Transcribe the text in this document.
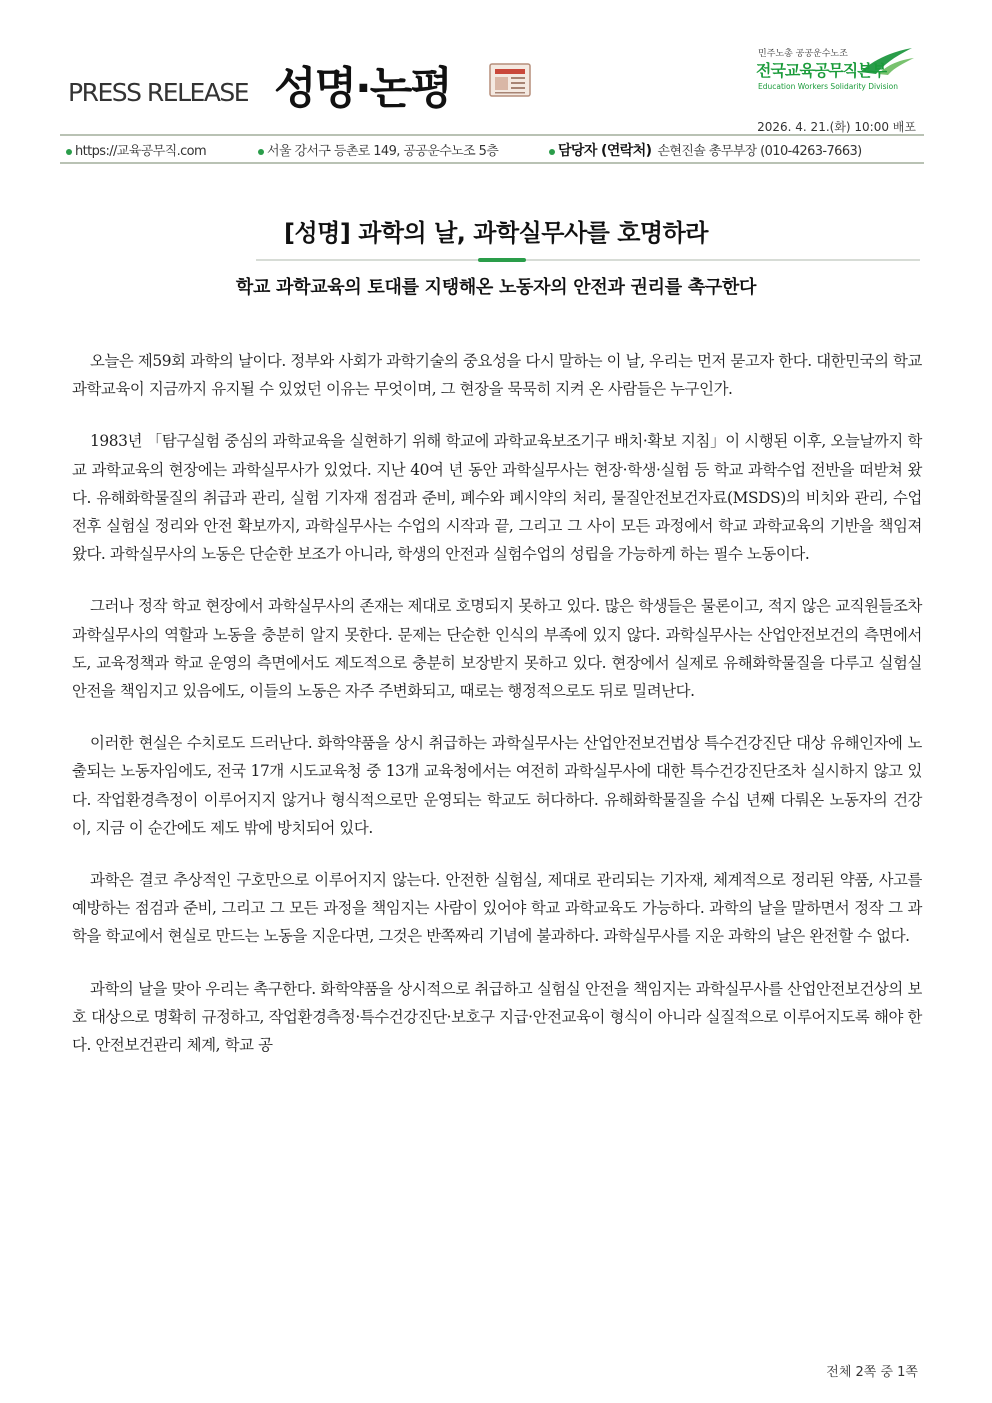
PRESS RELEASE 성명·논평
민주노총 공공운수노조
전국교육공무직본부
Education Workers Solidarity Division
2026. 4. 21.(화) 10:00 배포
https://교육공무직.com	서울 강서구 등촌로 149, 공공운수노조 5층	담당자 (연락처) 손현진솔 총무부장 (010-4263-7663)
[성명] 과학의 날, 과학실무사를 호명하라
학교 과학교육의 토대를 지탱해온 노동자의 안전과 권리를 촉구한다

오늘은 제59회 과학의 날이다. 정부와 사회가 과학기술의 중요성을 다시 말하는 이 날, 우리는 먼저 묻고자 한다. 대한민국의 학교 과학교육이 지금까지 유지될 수 있었던 이유는 무엇이며, 그 현장을 묵묵히 지켜 온 사람들은 누구인가.

1983년 「탐구실험 중심의 과학교육을 실현하기 위해 학교에 과학교육보조기구 배치·확보 지침」이 시행된 이후, 오늘날까지 학교 과학교육의 현장에는 과학실무사가 있었다. 지난 40여 년 동안 과학실무사는 현장·학생·실험 등 학교 과학수업 전반을 떠받쳐 왔다. 유해화학물질의 취급과 관리, 실험 기자재 점검과 준비, 폐수와 폐시약의 처리, 물질안전보건자료(MSDS)의 비치와 관리, 수업 전후 실험실 정리와 안전 확보까지, 과학실무사는 수업의 시작과 끝, 그리고 그 사이 모든 과정에서 학교 과학교육의 기반을 책임져 왔다. 과학실무사의 노동은 단순한 보조가 아니라, 학생의 안전과 실험수업의 성립을 가능하게 하는 필수 노동이다.

그러나 정작 학교 현장에서 과학실무사의 존재는 제대로 호명되지 못하고 있다. 많은 학생들은 물론이고, 적지 않은 교직원들조차 과학실무사의 역할과 노동을 충분히 알지 못한다. 문제는 단순한 인식의 부족에 있지 않다. 과학실무사는 산업안전보건의 측면에서도, 교육정책과 학교 운영의 측면에서도 제도적으로 충분히 보장받지 못하고 있다. 현장에서 실제로 유해화학물질을 다루고 실험실 안전을 책임지고 있음에도, 이들의 노동은 자주 주변화되고, 때로는 행정적으로도 뒤로 밀려난다.

이러한 현실은 수치로도 드러난다. 화학약품을 상시 취급하는 과학실무사는 산업안전보건법상 특수건강진단 대상 유해인자에 노출되는 노동자임에도, 전국 17개 시도교육청 중 13개 교육청에서는 여전히 과학실무사에 대한 특수건강진단조차 실시하지 않고 있다. 작업환경측정이 이루어지지 않거나 형식적으로만 운영되는 학교도 허다하다. 유해화학물질을 수십 년째 다뤄온 노동자의 건강이, 지금 이 순간에도 제도 밖에 방치되어 있다.

과학은 결코 추상적인 구호만으로 이루어지지 않는다. 안전한 실험실, 제대로 관리되는 기자재, 체계적으로 정리된 약품, 사고를 예방하는 점검과 준비, 그리고 그 모든 과정을 책임지는 사람이 있어야 학교 과학교육도 가능하다. 과학의 날을 말하면서 정작 그 과학을 학교에서 현실로 만드는 노동을 지운다면, 그것은 반쪽짜리 기념에 불과하다. 과학실무사를 지운 과학의 날은 완전할 수 없다.

과학의 날을 맞아 우리는 촉구한다. 화학약품을 상시적으로 취급하고 실험실 안전을 책임지는 과학실무사를 산업안전보건상의 보호 대상으로 명확히 규정하고, 작업환경측정·특수건강진단·보호구 지급·안전교육이 형식이 아니라 실질적으로 이루어지도록 해야 한다. 안전보건관리 체계, 학교 공

전체 2쪽 중 1쪽
